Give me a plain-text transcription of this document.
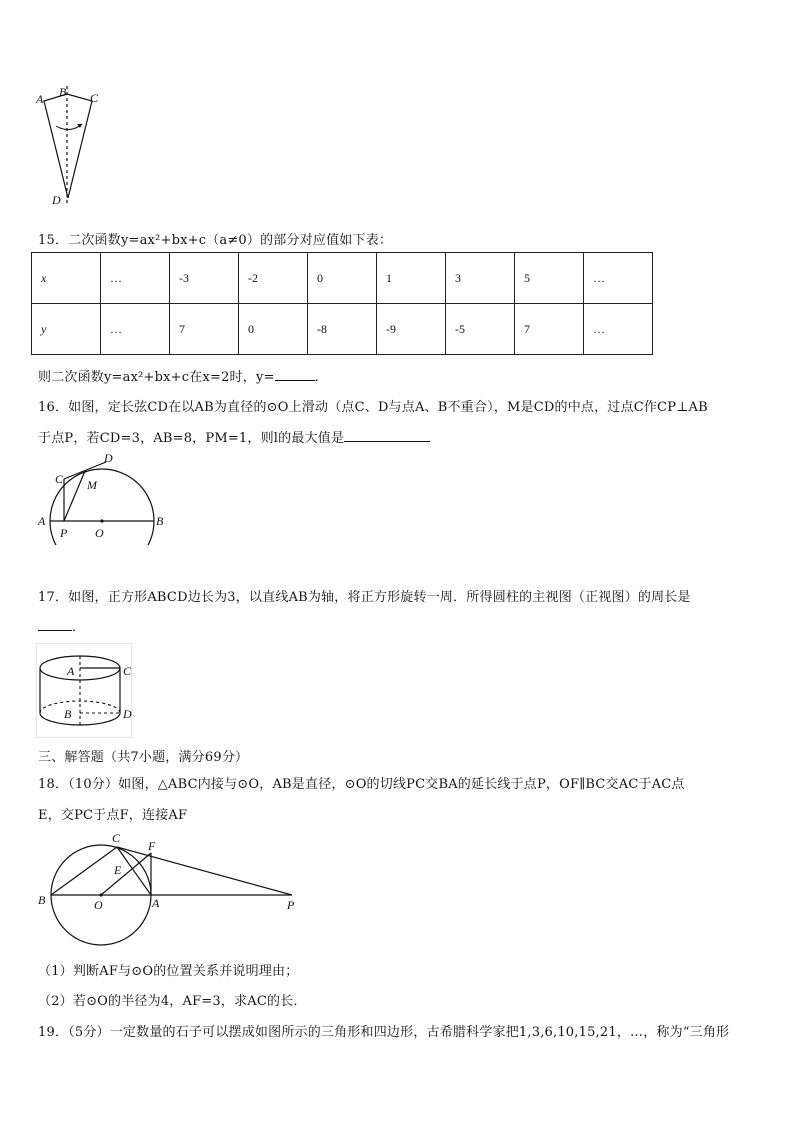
A B C
D
15．二次函数y=ax²+bx+c（a≠0）的部分对应值如下表：
x	…	-3	-2	0	1	3	5	…
y	…	7	0	-8	-9	-5	7	…
则二次函数y=ax²+bx+c在x=2时，y=	．
16．如图，定长弦CD在以AB为直径的⊙O上滑动（点C、D与点A、B不重合），M是CD的中点，过点C作CP⊥AB
于点P，若CD=3，AB=8，PM=1，则l的最大值是
C
D
M
A
P O
B
17．如图，正方形ABCD边长为3，以直线AB为轴，将正方形旋转一周．所得圆柱的主视图（正视图）的周长是
．
A	C
B	D
三、解答题（共7小题，满分69分）
18．（10分）如图，△ABC内接与⊙O，AB是直径，⊙O的切线PC交BA的延长线于点P，OF∥BC交AC于AC点
E，交PC于点F，连接AF
C
F
E
B	O	A	P
（1）判断AF与⊙O的位置关系并说明理由；
（2）若⊙O的半径为4，AF=3，求AC的长．
19．（5分）一定数量的石子可以摆成如图所示的三角形和四边形，古希腊科学家把1,3,6,10,15,21，…，称为“三角形
